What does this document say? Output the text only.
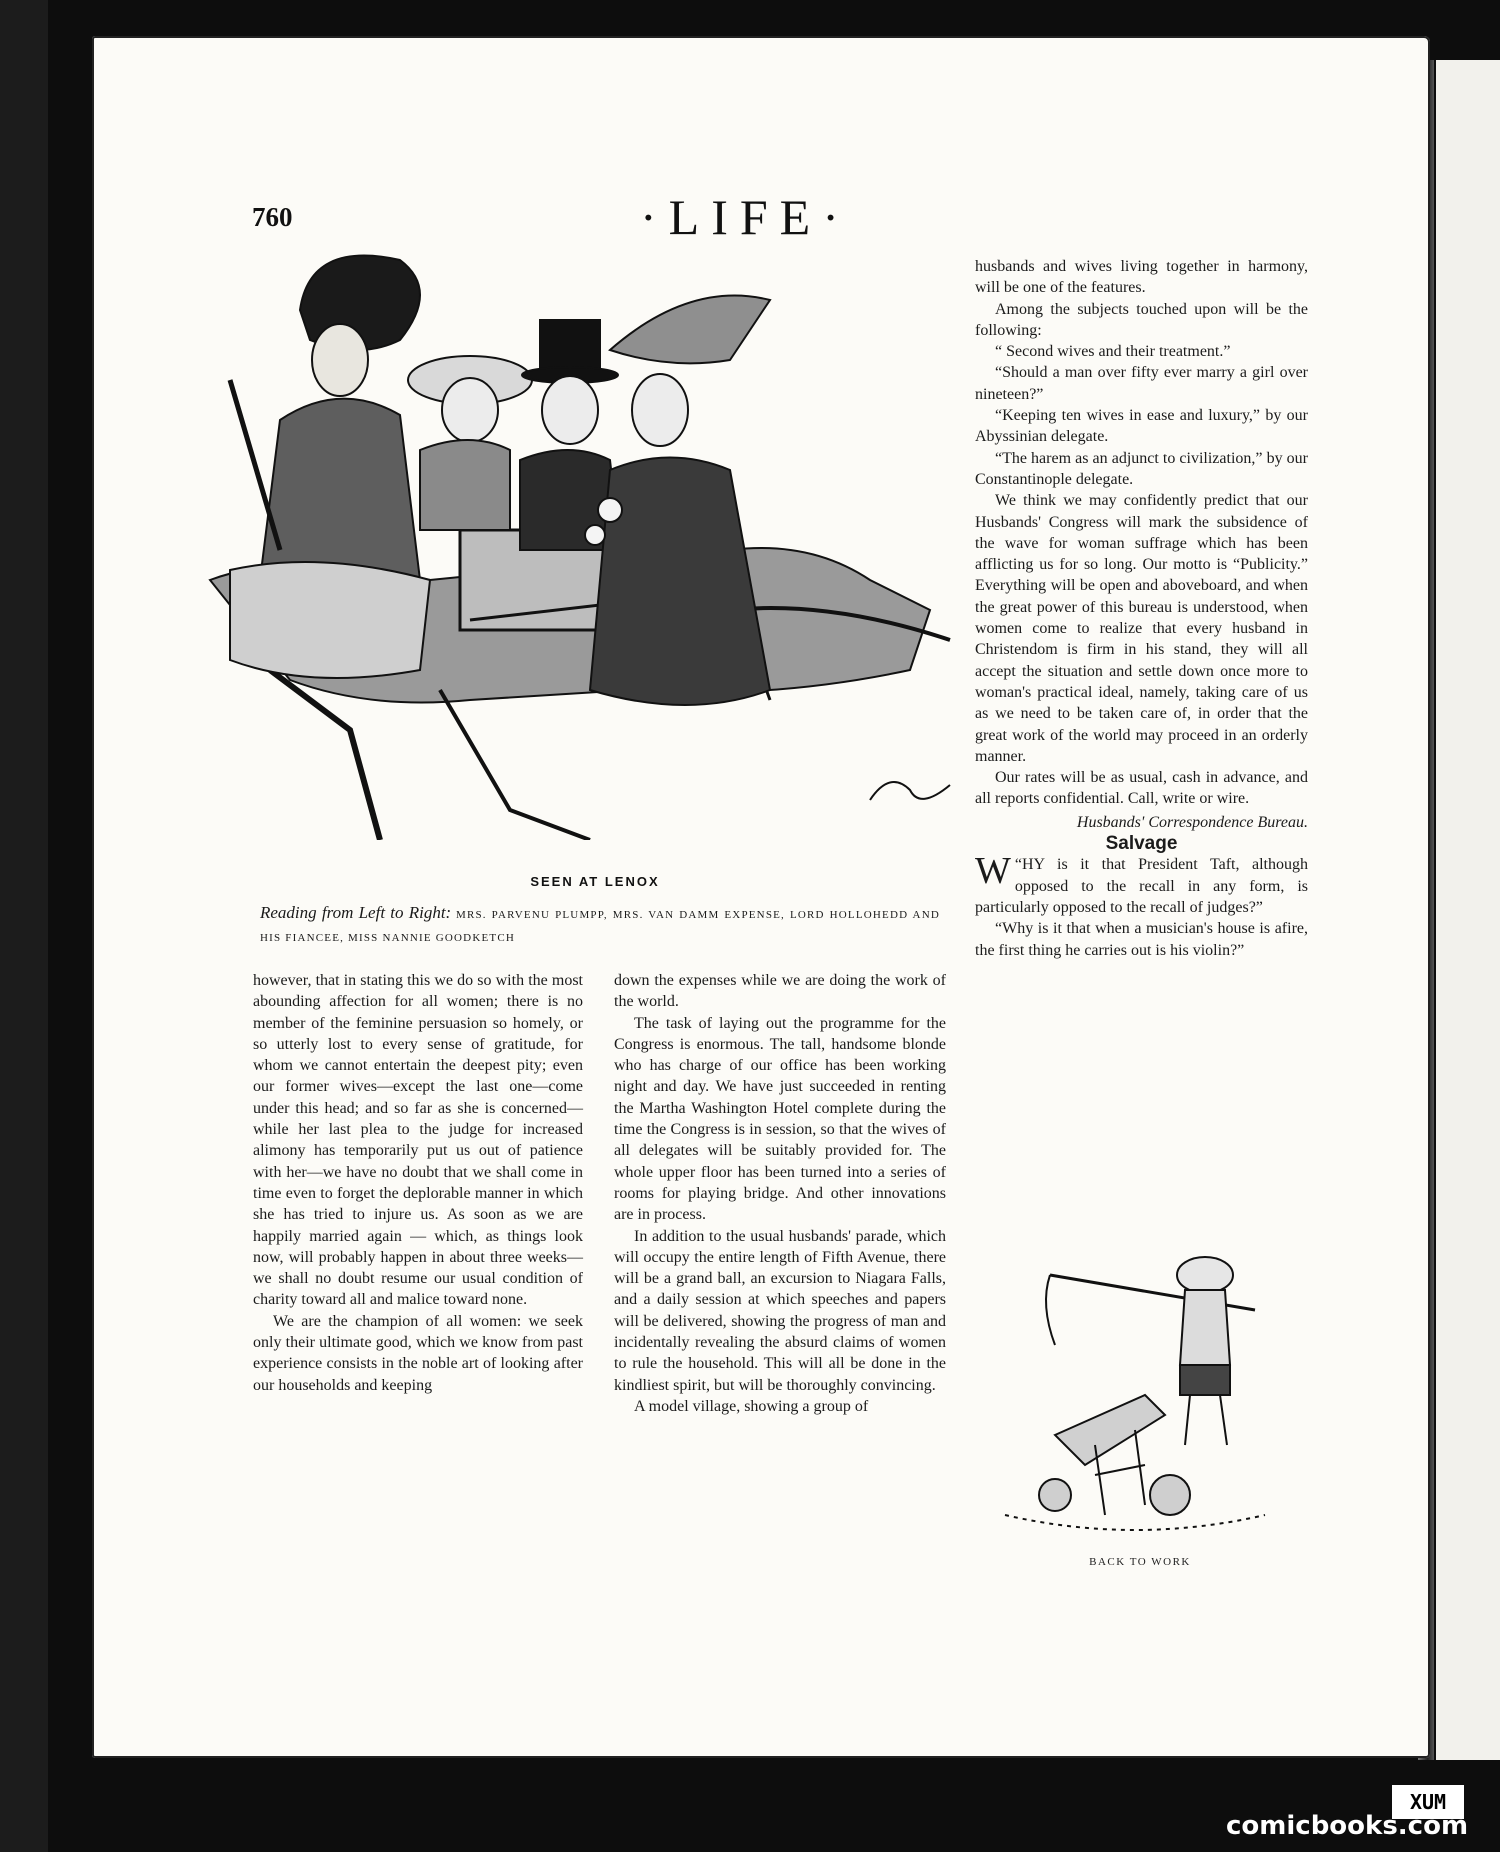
760	·LIFE·
SEEN AT LENOX
Reading from Left to Right: MRS. PARVENU PLUMPP, MRS. VAN DAMM EXPENSE, LORD HOLLOHEDD AND HIS FIANCEE, MISS NANNIE GOODKETCH

however, that in stating this we do so with the most abounding affection for all women; there is no member of the feminine persuasion so homely, or so utterly lost to every sense of gratitude, for whom we cannot entertain the deepest pity; even our former wives—except the last one—come under this head; and so far as she is concerned—while her last plea to the judge for increased alimony has temporarily put us out of patience with her—we have no doubt that we shall come in time even to forget the deplorable manner in which she has tried to injure us. As soon as we are happily married again — which, as things look now, will probably happen in about three weeks—we shall no doubt resume our usual condition of charity toward all and malice toward none.

We are the champion of all women: we seek only their ultimate good, which we know from past experience consists in the noble art of looking after our households and keeping

down the expenses while we are doing the work of the world.

The task of laying out the programme for the Congress is enormous. The tall, handsome blonde who has charge of our office has been working night and day. We have just succeeded in renting the Martha Washington Hotel complete during the time the Congress is in session, so that the wives of all delegates will be suitably provided for. The whole upper floor has been turned into a series of rooms for playing bridge. And other innovations are in process.

In addition to the usual husbands' parade, which will occupy the entire length of Fifth Avenue, there will be a grand ball, an excursion to Niagara Falls, and a daily session at which speeches and papers will be delivered, showing the progress of man and incidentally revealing the absurd claims of women to rule the household. This will all be done in the kindliest spirit, but will be thoroughly convincing.

A model village, showing a group of

husbands and wives living together in harmony, will be one of the features.

Among the subjects touched upon will be the following:

“ Second wives and their treatment.”

“Should a man over fifty ever marry a girl over nineteen?”

“Keeping ten wives in ease and luxury,” by our Abyssinian delegate.

“The harem as an adjunct to civilization,” by our Constantinople delegate.

We think we may confidently predict that our Husbands' Congress will mark the subsidence of the wave for woman suffrage which has been afflicting us for so long. Our motto is “Publicity.” Everything will be open and aboveboard, and when the great power of this bureau is understood, when women come to realize that every husband in Christendom is firm in his stand, they will all accept the situation and settle down once more to woman's practical ideal, namely, taking care of us as we need to be taken care of, in order that the great work of the world may proceed in an orderly manner.

Our rates will be as usual, cash in advance, and all reports confidential. Call, write or wire.

Husbands' Correspondence Bureau.

Salvage

“
W HY is it that President Taft, although opposed to the recall in any form, is particularly opposed to the recall of judges?”

“Why is it that when a musician's house is afire, the first thing he carries out is his violin?”

BACK TO WORK
XUM
comicbooks.com
